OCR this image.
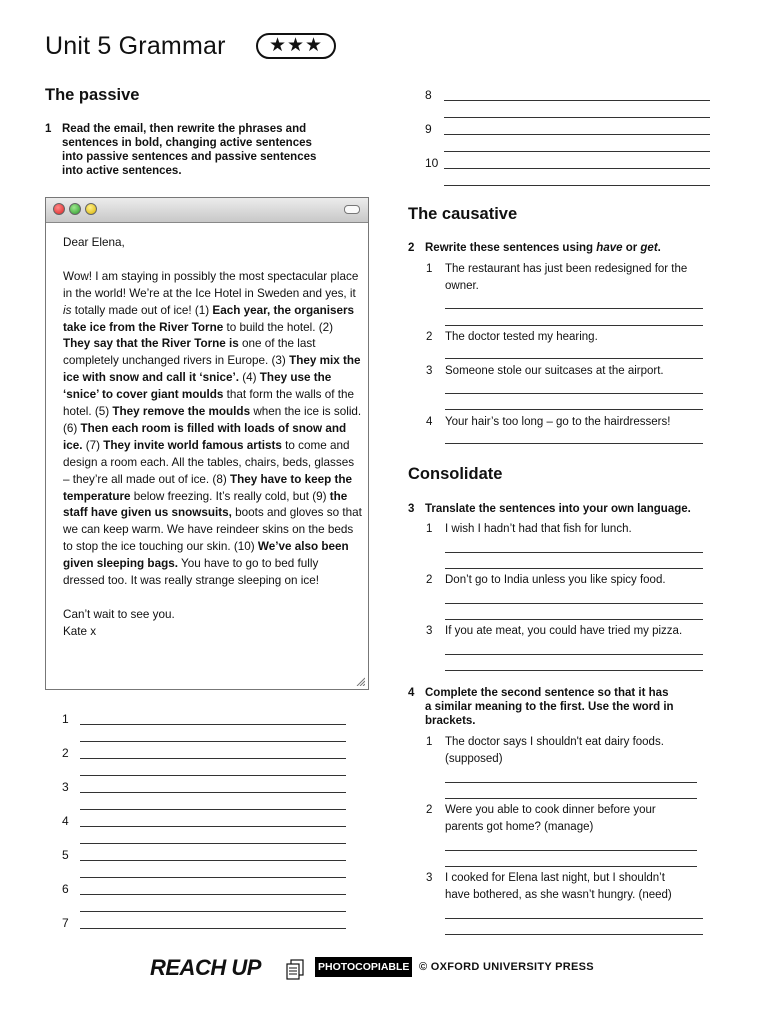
Unit 5 Grammar	★★★
The passive
1 Read the email, then rewrite the phrases and
sentences in bold, changing active sentences
into passive sentences and passive sentences
into active sentences.

Dear Elena,

Wow! I am staying in possibly the most spectacular place in the world! We’re at the Ice Hotel in Sweden and yes, it is totally made out of ice! (1) Each year, the organisers take ice from the River Torne to build the hotel. (2) They say that the River Torne is one of the last completely unchanged rivers in Europe. (3) They mix the ice with snow and call it ‘snice’. (4) They use the ‘snice’ to cover giant moulds that form the walls of the hotel. (5) They remove the moulds when the ice is solid. (6) Then each room is filled with loads of snow and ice. (7) They invite world famous artists to come and design a room each. All the tables, chairs, beds, glasses – they’re all made out of ice. (8) They have to keep the temperature below freezing. It’s really cold, but (9) the staff have given us snowsuits, boots and gloves so that we can keep warm. We have reindeer skins on the beds to stop the ice touching our skin. (10) We’ve also been given sleeping bags. You have to go to bed fully dressed too. It was really strange sleeping on ice!

Can’t wait to see you.

Kate x

1
2
3
4
5
6
7
8
9
10
The causative
2 Rewrite these sentences using have or get.
1 The restaurant has just been redesigned for the
owner.
2 The doctor tested my hearing.
3 Someone stole our suitcases at the airport.
4 Your hair’s too long – go to the hairdressers!
Consolidate
3 Translate the sentences into your own language.
1 I wish I hadn’t had that fish for lunch.
2 Don’t go to India unless you like spicy food.
3 If you ate meat, you could have tried my pizza.
4 Complete the second sentence so that it has
a similar meaning to the first. Use the word in
brackets.
1 The doctor says I shouldn't eat dairy foods.
(supposed)
2 Were you able to cook dinner before your
parents got home? (manage)
3 I cooked for Elena last night, but I shouldn’t
have bothered, as she wasn’t hungry. (need)
REACH UP	PHOTOCOPIABLE © OXFORD UNIVERSITY PRESS
